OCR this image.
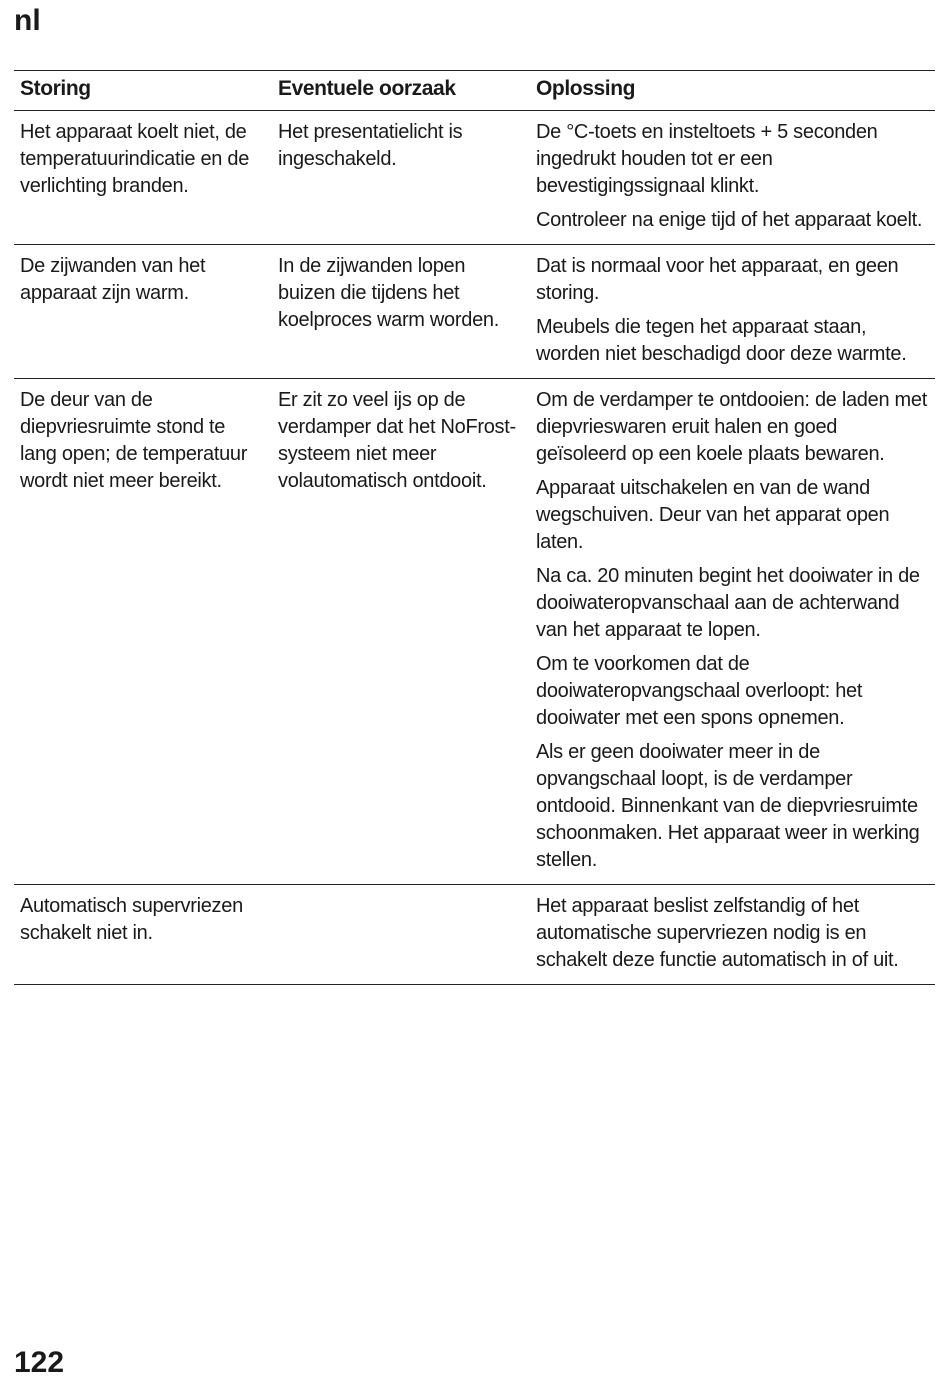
nl
Storing	Eventuele oorzaak	Oplossing
Het apparaat koelt niet, de temperatuurindicatie en de verlichting branden.	Het presentatielicht is ingeschakeld.	De °C-toets en insteltoets + 5 seconden ingedrukt houden tot er een bevestigingssignaal klinkt.

Controleer na enige tijd of het apparaat koelt.

De zijwanden van het apparaat zijn warm.	In de zijwanden lopen buizen die tijdens het koelproces warm worden.	Dat is normaal voor het apparaat, en geen storing.

Meubels die tegen het apparaat staan, worden niet beschadigd door deze warmte.

De deur van de diepvriesruimte stond te lang open; de temperatuur wordt niet meer bereikt.	Er zit zo veel ijs op de verdamper dat het NoFrost-systeem niet meer volautomatisch ontdooit.	Om de verdamper te ontdooien: de laden met diepvrieswaren eruit halen en goed geïsoleerd op een koele plaats bewaren.

Apparaat uitschakelen en van de wand wegschuiven. Deur van het apparat open laten.

Na ca. 20 minuten begint het dooiwater in de dooiwateropvanschaal aan de achterwand van het apparaat te lopen.

Om te voorkomen dat de dooiwateropvangschaal overloopt: het dooiwater met een spons opnemen.

Als er geen dooiwater meer in de opvangschaal loopt, is de verdamper ontdooid. Binnenkant van de diepvriesruimte schoonmaken. Het apparaat weer in werking stellen.

Automatisch supervriezen schakelt niet in.		Het apparaat beslist zelfstandig of het automatische supervriezen nodig is en schakelt deze functie automatisch in of uit.

122
